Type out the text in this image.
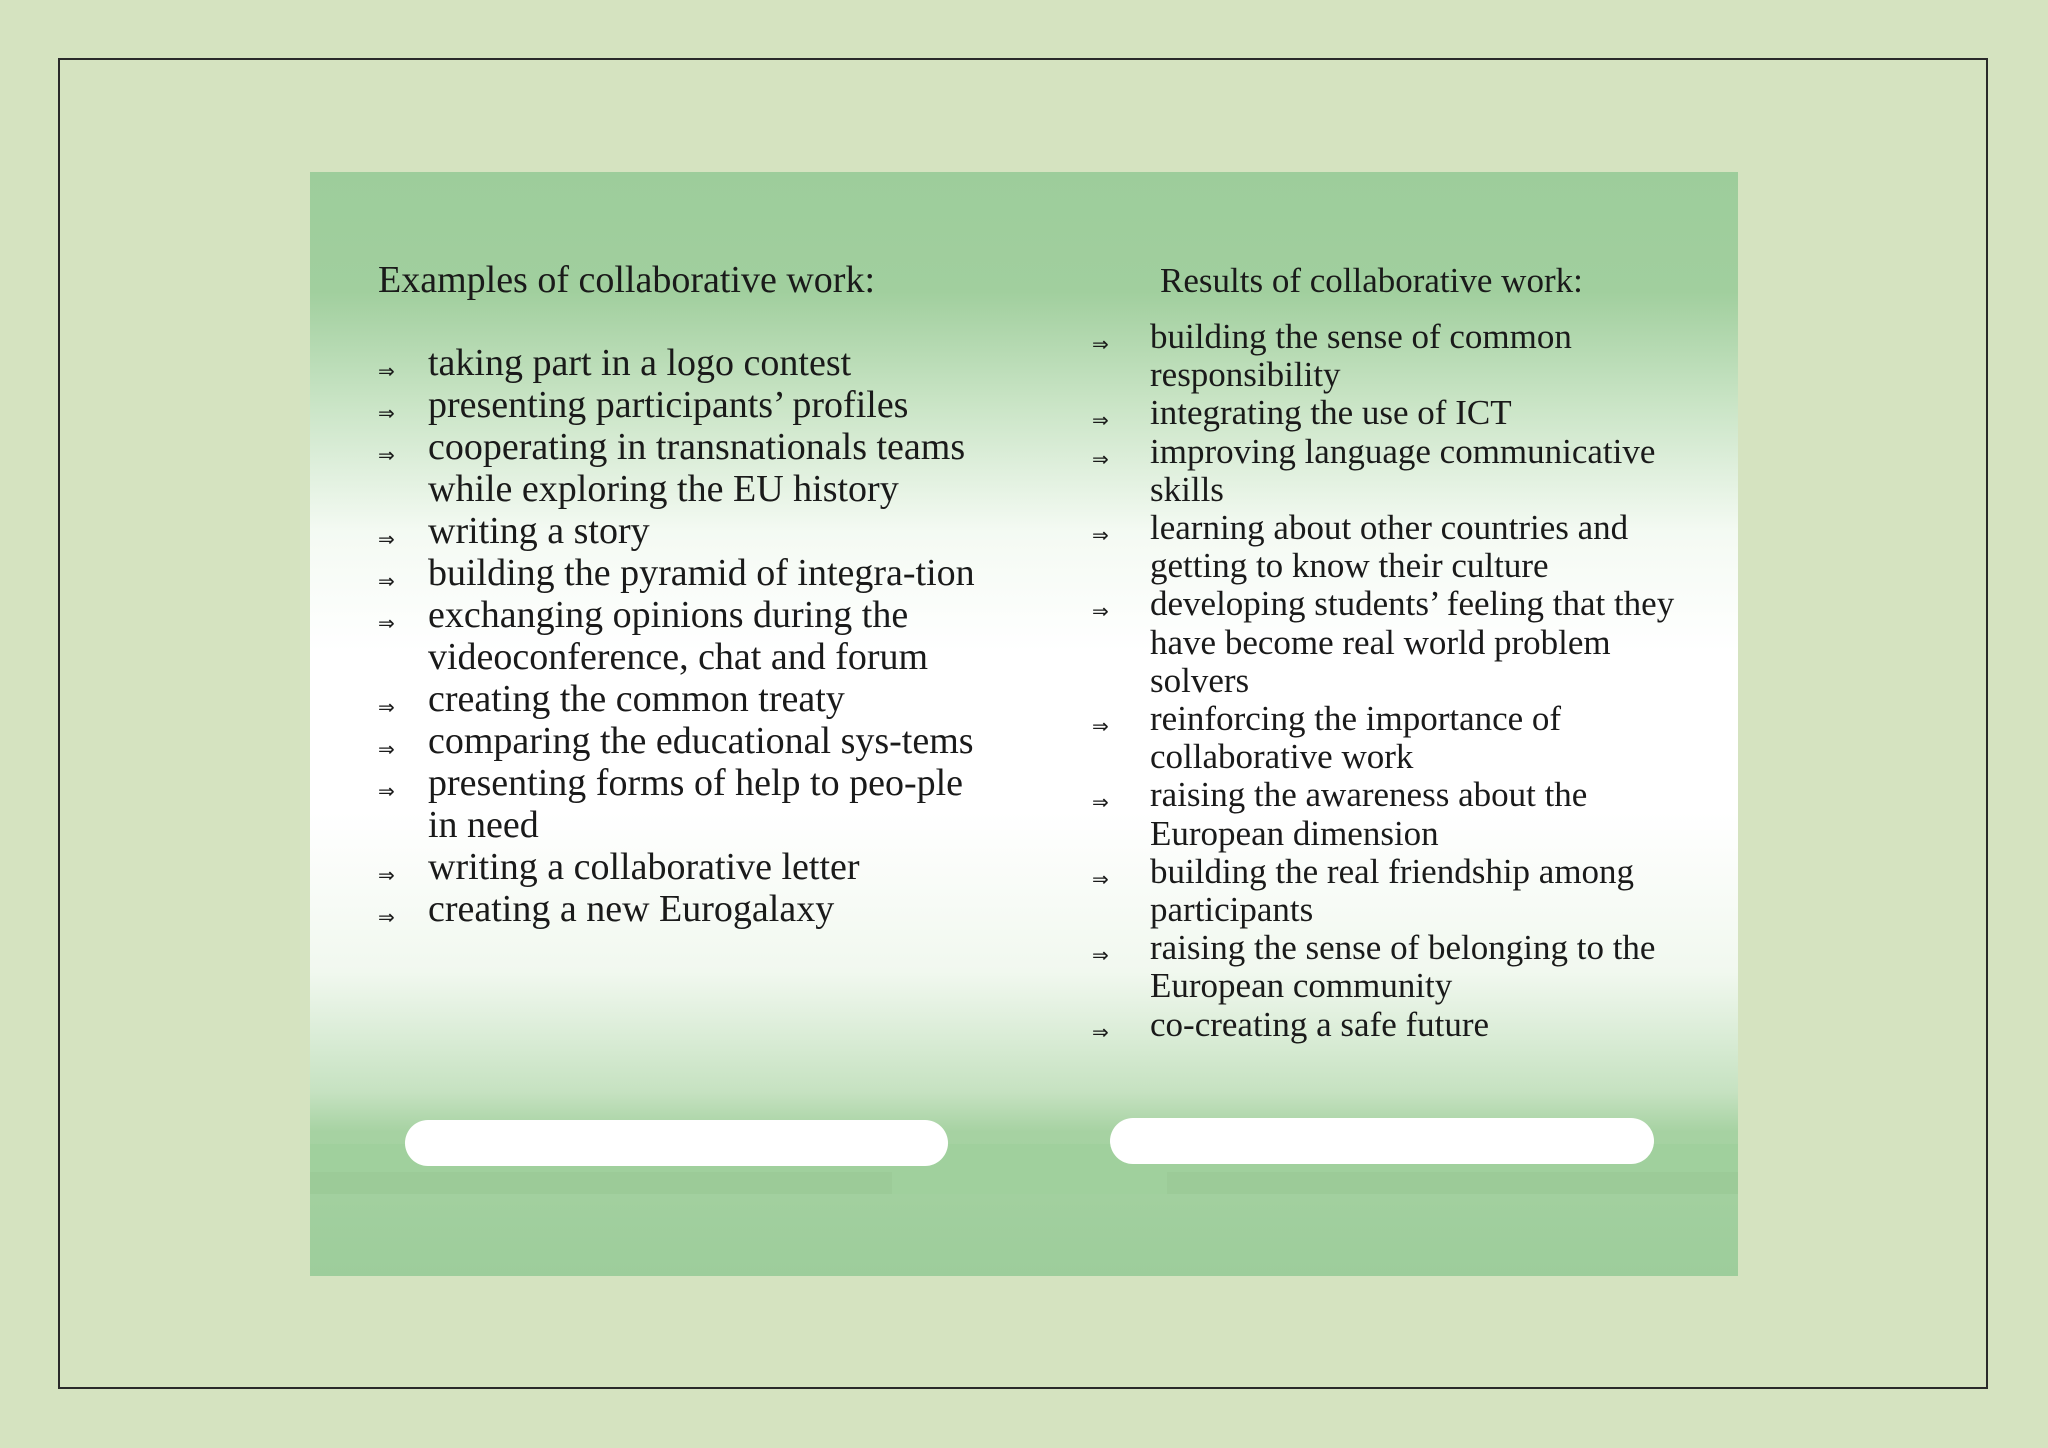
Examples of collaborative work:
⇒ taking part in a logo contest
⇒ presenting participants’ profiles
⇒ cooperating in transnationals teams while exploring the EU history
⇒ writing a story
⇒ building the pyramid of integra-tion
⇒ exchanging opinions during the videoconference, chat and forum
⇒ creating the common treaty
⇒ comparing the educational sys-tems
⇒ presenting forms of help to peo-ple in need
⇒ writing a collaborative letter
⇒ creating a new Eurogalaxy
Results of collaborative work:
⇒ building the sense of common responsibility
⇒ integrating the use of ICT
⇒ improving language communicative skills
⇒ learning about other countries and getting to know their culture
⇒ developing students’ feeling that they have become real world problem solvers
⇒ reinforcing the importance of collaborative work
⇒ raising the awareness about the European dimension
⇒ building the real friendship among participants
⇒ raising the sense of belonging to the European community
⇒ co-creating a safe future
